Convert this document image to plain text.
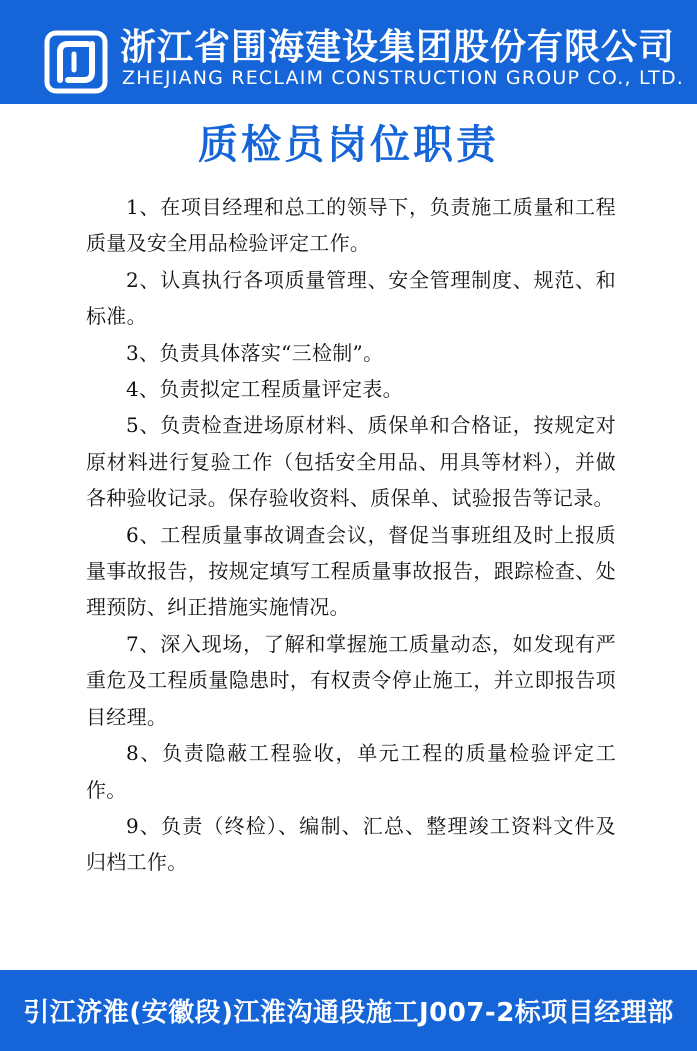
浙江省围海建设集团股份有限公司
ZHEJIANG RECLAIM CONSTRUCTION GROUP CO., LTD.
质检员岗位职责
1、在项目经理和总工的领导下，负责施工质量和工程质量及安全用品检验评定工作。
2、认真执行各项质量管理、安全管理制度、规范、和标准。
3、负责具体落实“三检制”。
4、负责拟定工程质量评定表。
5、负责检查进场原材料、质保单和合格证，按规定对原材料进行复验工作（包括安全用品、用具等材料），并做各种验收记录。保存验收资料、质保单、试验报告等记录。
6、工程质量事故调查会议，督促当事班组及时上报质量事故报告，按规定填写工程质量事故报告，跟踪检查、处理预防、纠正措施实施情况。
7、深入现场，了解和掌握施工质量动态，如发现有严重危及工程质量隐患时，有权责令停止施工，并立即报告项目经理。
8、负责隐蔽工程验收，单元工程的质量检验评定工作。
9、负责（终检）、编制、汇总、整理竣工资料文件及归档工作。
引江济淮(安徽段)江淮沟通段施工J007-2标项目经理部
